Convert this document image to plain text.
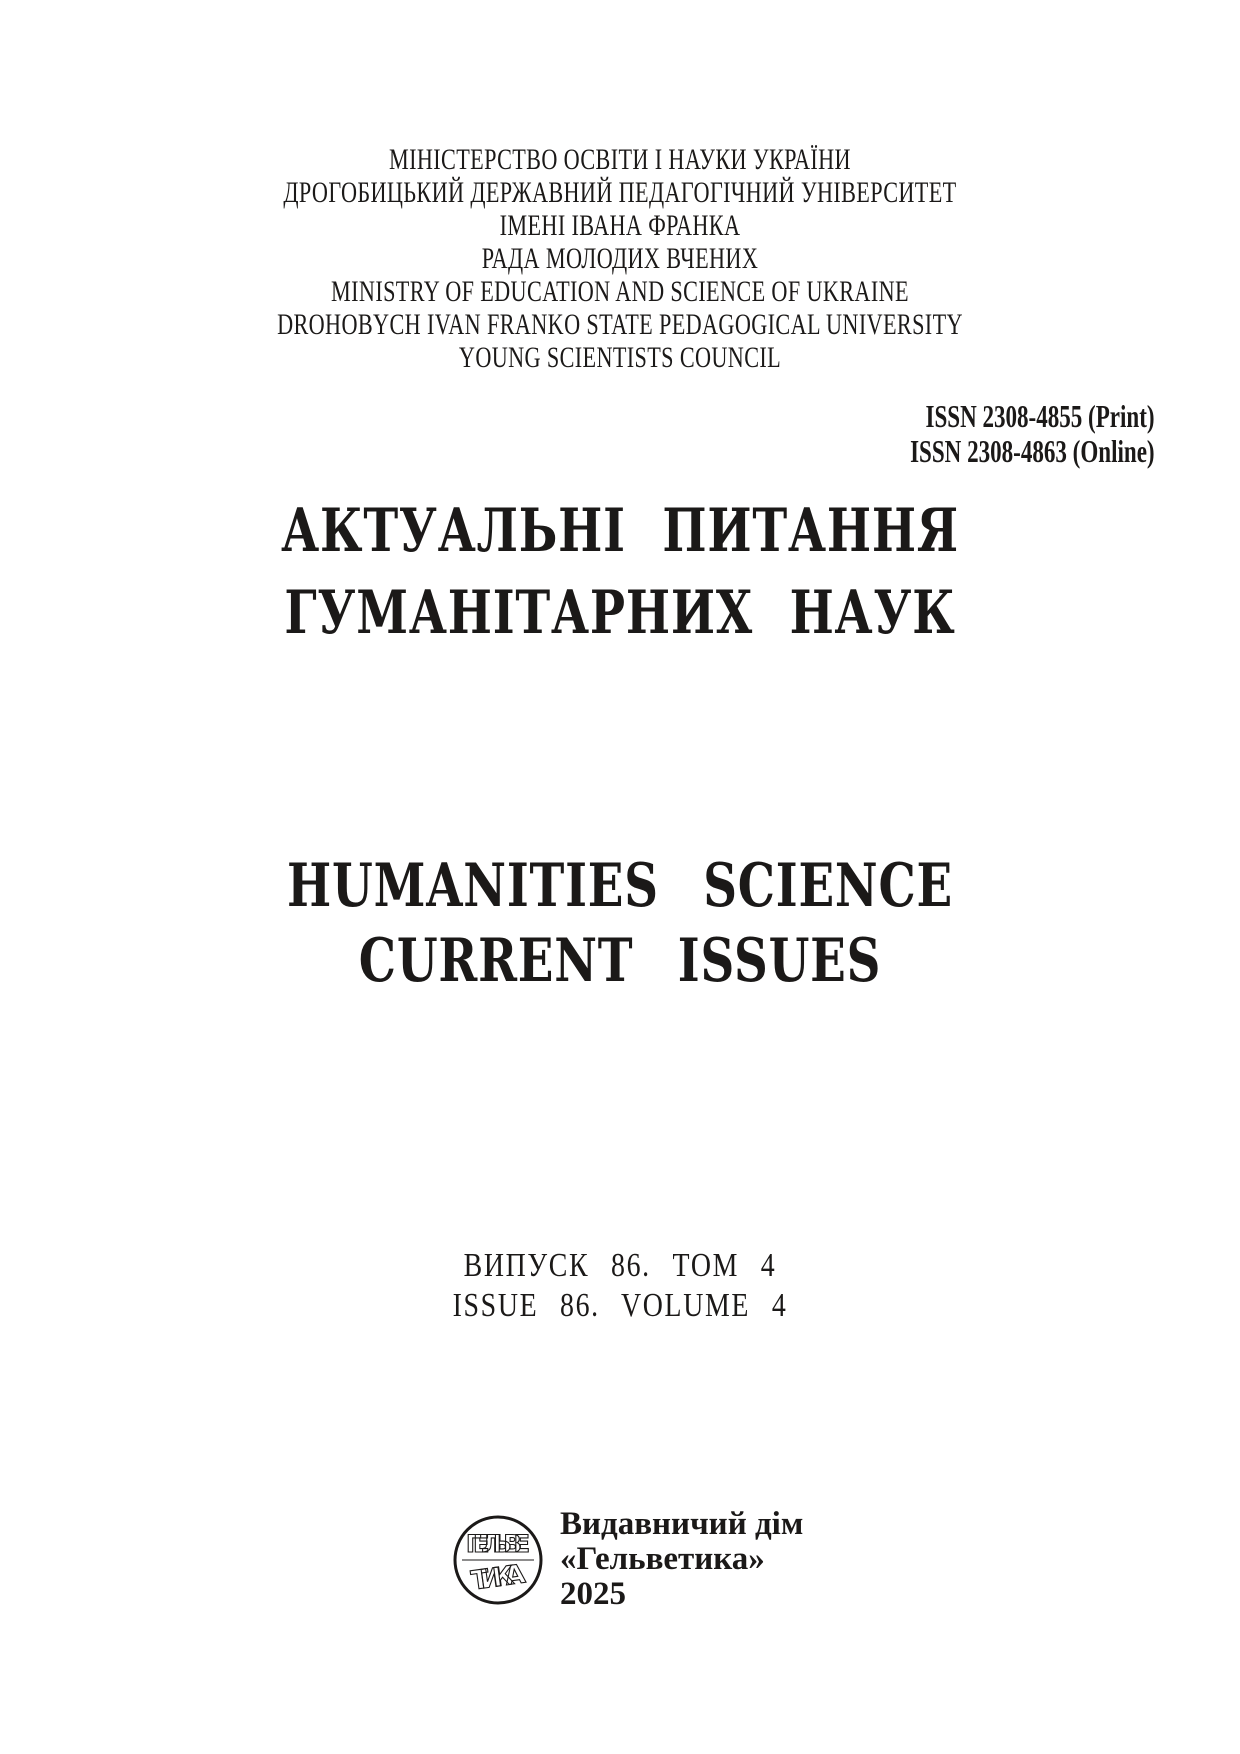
МІНІСТЕРСТВО ОСВІТИ І НАУКИ УКРАЇНИ
ДРОГОБИЦЬКИЙ ДЕРЖАВНИЙ ПЕДАГОГІЧНИЙ УНІВЕРСИТЕТ
ІМЕНІ ІВАНА ФРАНКА
РАДА МОЛОДИХ ВЧЕНИХ
MINISTRY OF EDUCATION AND SCIENCE OF UKRAINE
DROHOBYCH IVAN FRANKO STATE PEDAGOGICAL UNIVERSITY
YOUNG SCIENTISTS COUNCIL
ISSN 2308-4855 (Print)
ISSN 2308-4863 (Online)
АКТУАЛЬНІ ПИТАННЯ
ГУМАНІТАРНИХ НАУК
HUMANITIES SCIENCE
CURRENT ISSUES
ВИПУСК 86. ТОМ 4
ISSUE 86. VOLUME 4
ГЕЛЬВЕ
ТИКА
Видавничий дім
«Гельветика»
2025
